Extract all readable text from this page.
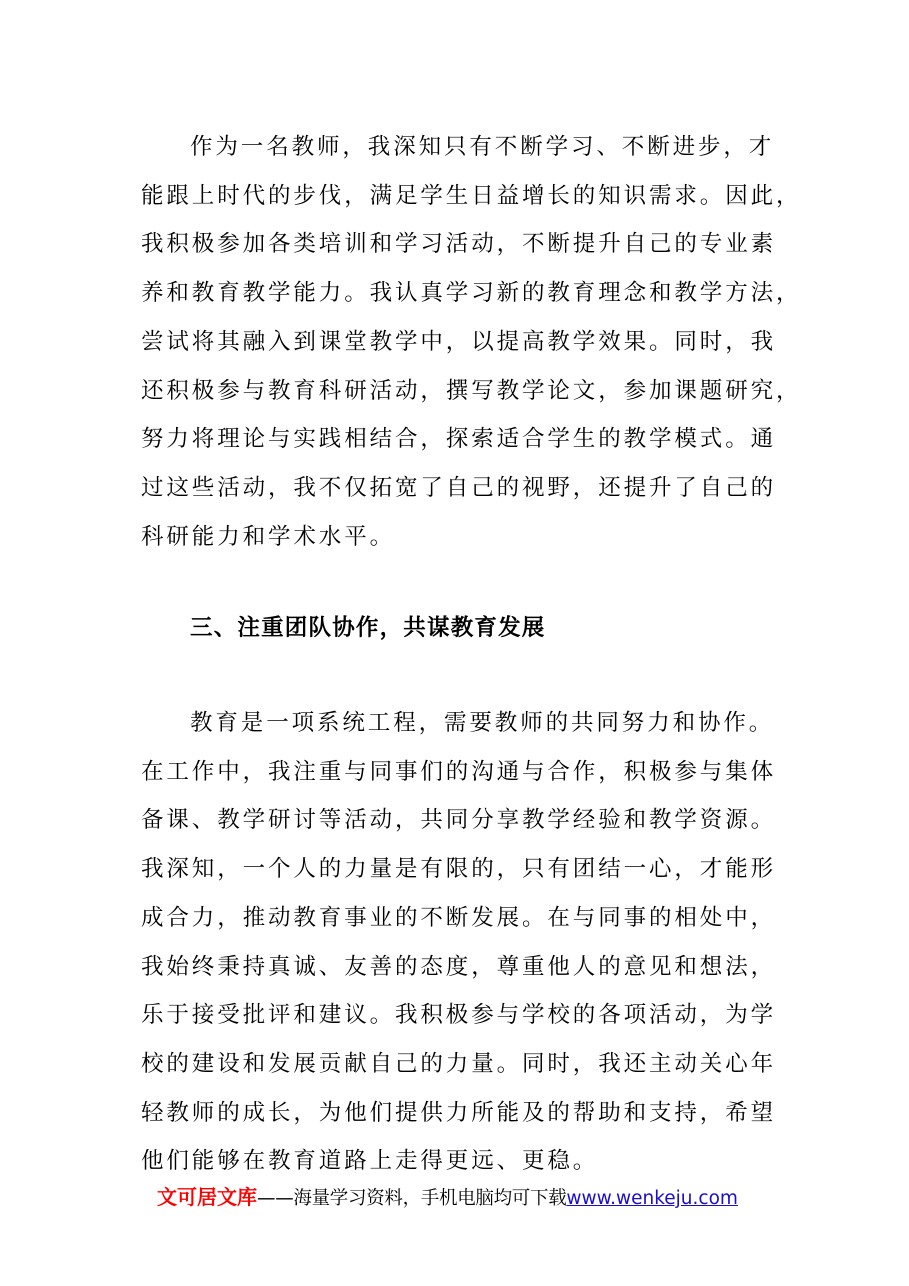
作为一名教师，我深知只有不断学习、不断进步，才
能跟上时代的步伐，满足学生日益增长的知识需求。因此，
我积极参加各类培训和学习活动，不断提升自己的专业素
养和教育教学能力。我认真学习新的教育理念和教学方法，
尝试将其融入到课堂教学中，以提高教学效果。同时，我
还积极参与教育科研活动，撰写教学论文，参加课题研究，
努力将理论与实践相结合，探索适合学生的教学模式。通
过这些活动，我不仅拓宽了自己的视野，还提升了自己的
科研能力和学术水平。

三、注重团队协作，共谋教育发展

教育是一项系统工程，需要教师的共同努力和协作。
在工作中，我注重与同事们的沟通与合作，积极参与集体
备课、教学研讨等活动，共同分享教学经验和教学资源。
我深知，一个人的力量是有限的，只有团结一心，才能形
成合力，推动教育事业的不断发展。在与同事的相处中，
我始终秉持真诚、友善的态度，尊重他人的意见和想法，
乐于接受批评和建议。我积极参与学校的各项活动，为学
校的建设和发展贡献自己的力量。同时，我还主动关心年
轻教师的成长，为他们提供力所能及的帮助和支持，希望
他们能够在教育道路上走得更远、更稳。

文可居文库——海量学习资料，手机电脑均可下载www.wenkeju.com
